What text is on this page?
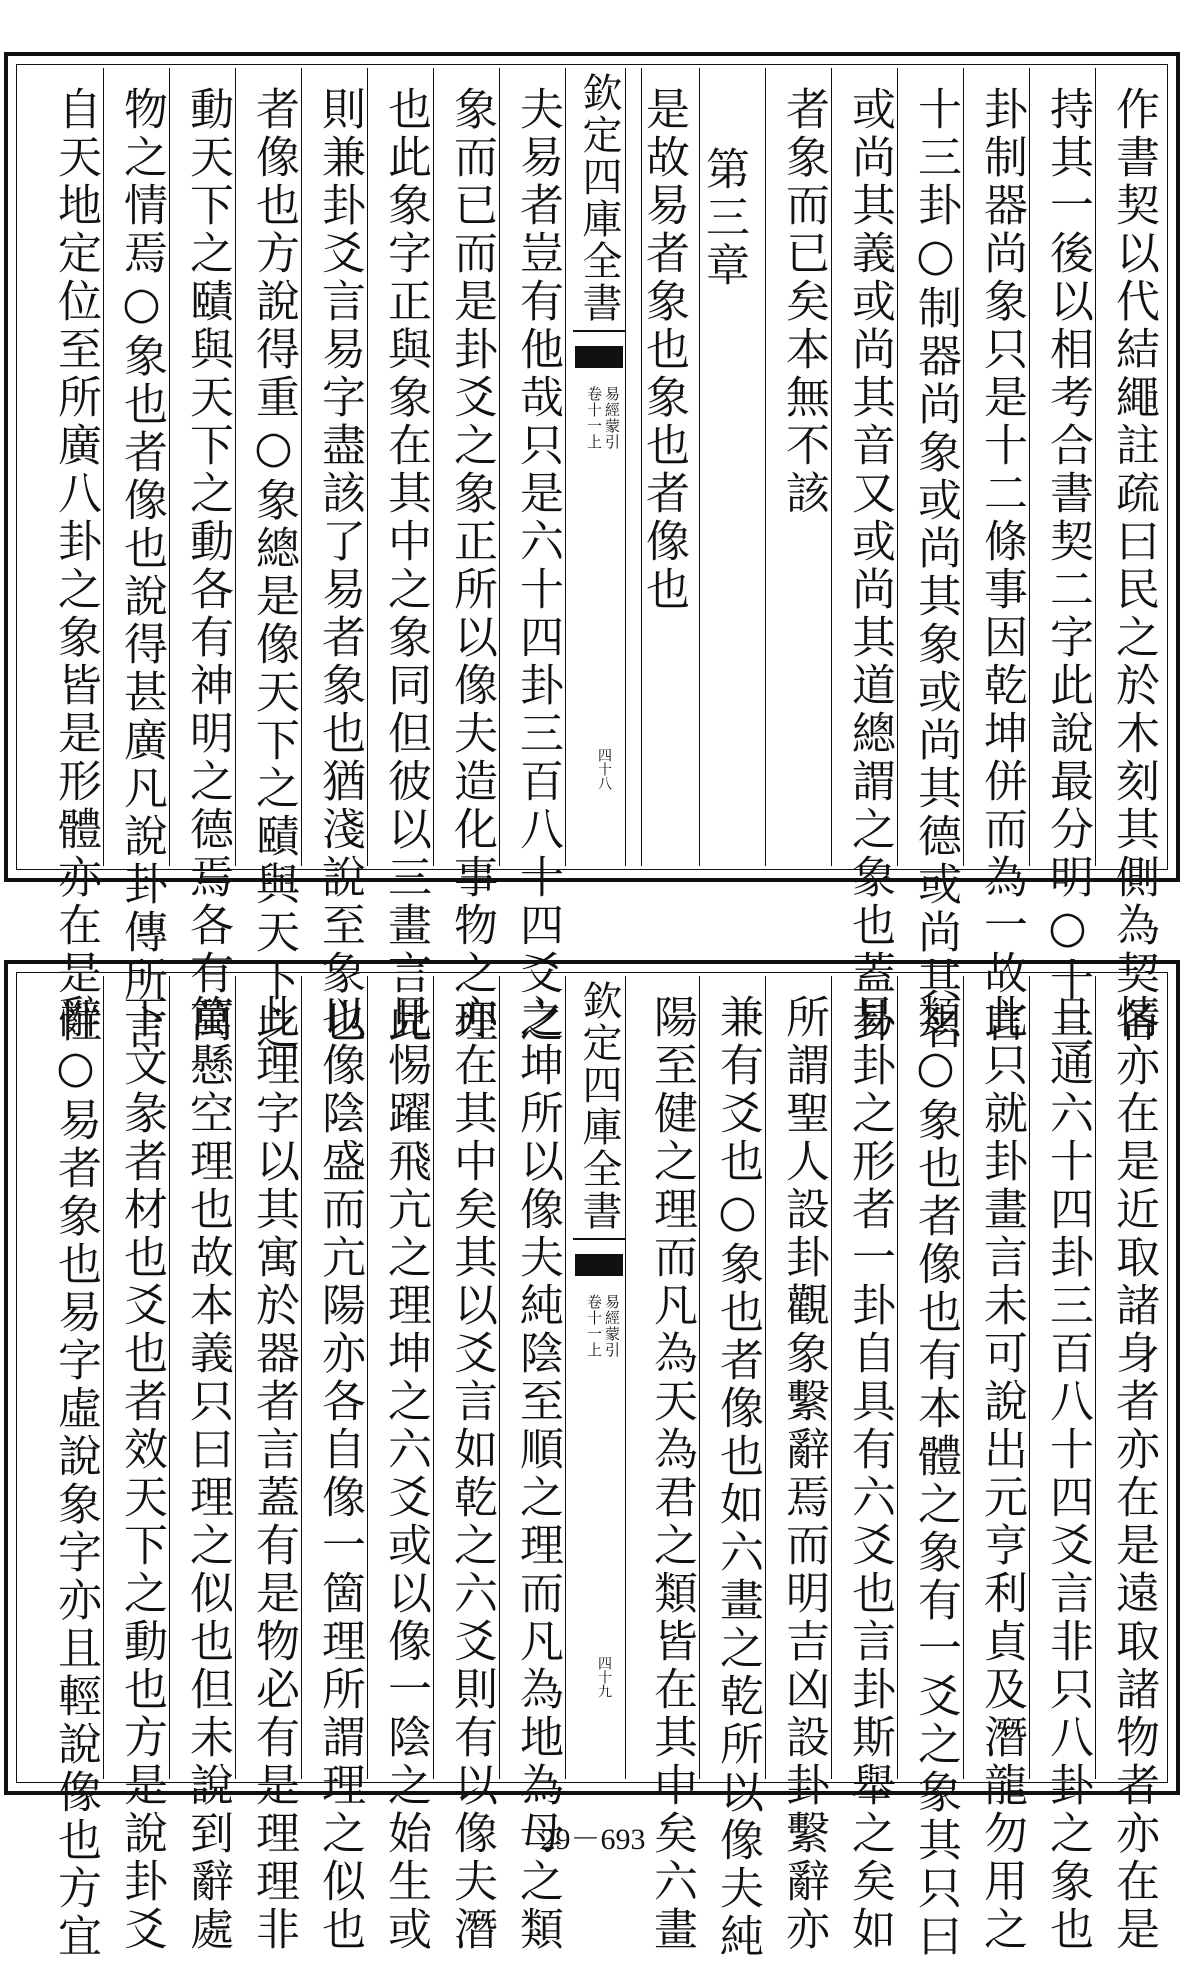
作書契以代結繩註疏曰民之於木刻其側為契各
持其一後以相考合書契二字此說最分明○十三
卦制器尚象只是十二條事因乾坤併而為一故言
十三卦○制器尚象或尚其象或尚其德或尚其名
或尚其義或尚其音又或尚其道總謂之象也蓋卦
者象而已矣本無不該
第三章
是故易者象也象也者像也
欽定四庫全書
易經蒙引
卷十一上
四十八
夫易者豈有他哉只是六十四卦三百八十四爻之
象而已而是卦爻之象正所以像夫造化事物之理
也此象字正與象在其中之象同但彼以三畫言此
則兼卦爻言易字盡該了易者象也猶淺說至象也
者像也方說得重○象總是像天下之賾與天下之
動天下之賾與天下之動各有神明之德焉各有萬
物之情焉○象也者像也說得甚廣凡說卦傳所言
自天地定位至所廣八卦之象皆是形體亦在是性
情亦在是近取諸身者亦在是遠取諸物者亦在是
且通六十四卦三百八十四爻言非只八卦之象也
此只就卦畫言未可說出元亨利貞及潛龍勿用之
類○象也者像也有本體之象有一爻之象其只曰
易卦之形者一卦自具有六爻也言卦斯舉之矣如
所謂聖人設卦觀象繫辭焉而明吉凶設卦繫辭亦
兼有爻也○象也者像也如六畫之乾所以像夫純
陽至健之理而凡為天為君之類皆在其中矣六畫
欽定四庫全書
易經蒙引
卷十一上
四十九
之坤所以像夫純陰至順之理而凡為地為母之類
亦在其中矣其以爻言如乾之六爻則有以像夫潛
見惕躍飛亢之理坤之六爻或以像一陰之始生或
以像陰盛而亢陽亦各自像一箇理所謂理之似也
此理字以其寓於器者言蓋有是物必有是理理非
箇懸空理也故本義只曰理之似也但未說到辭處
下文彖者材也爻也者效天下之動也方是說卦爻
辭○易者象也易字虛說象字亦且輕說像也方宜	29－693
